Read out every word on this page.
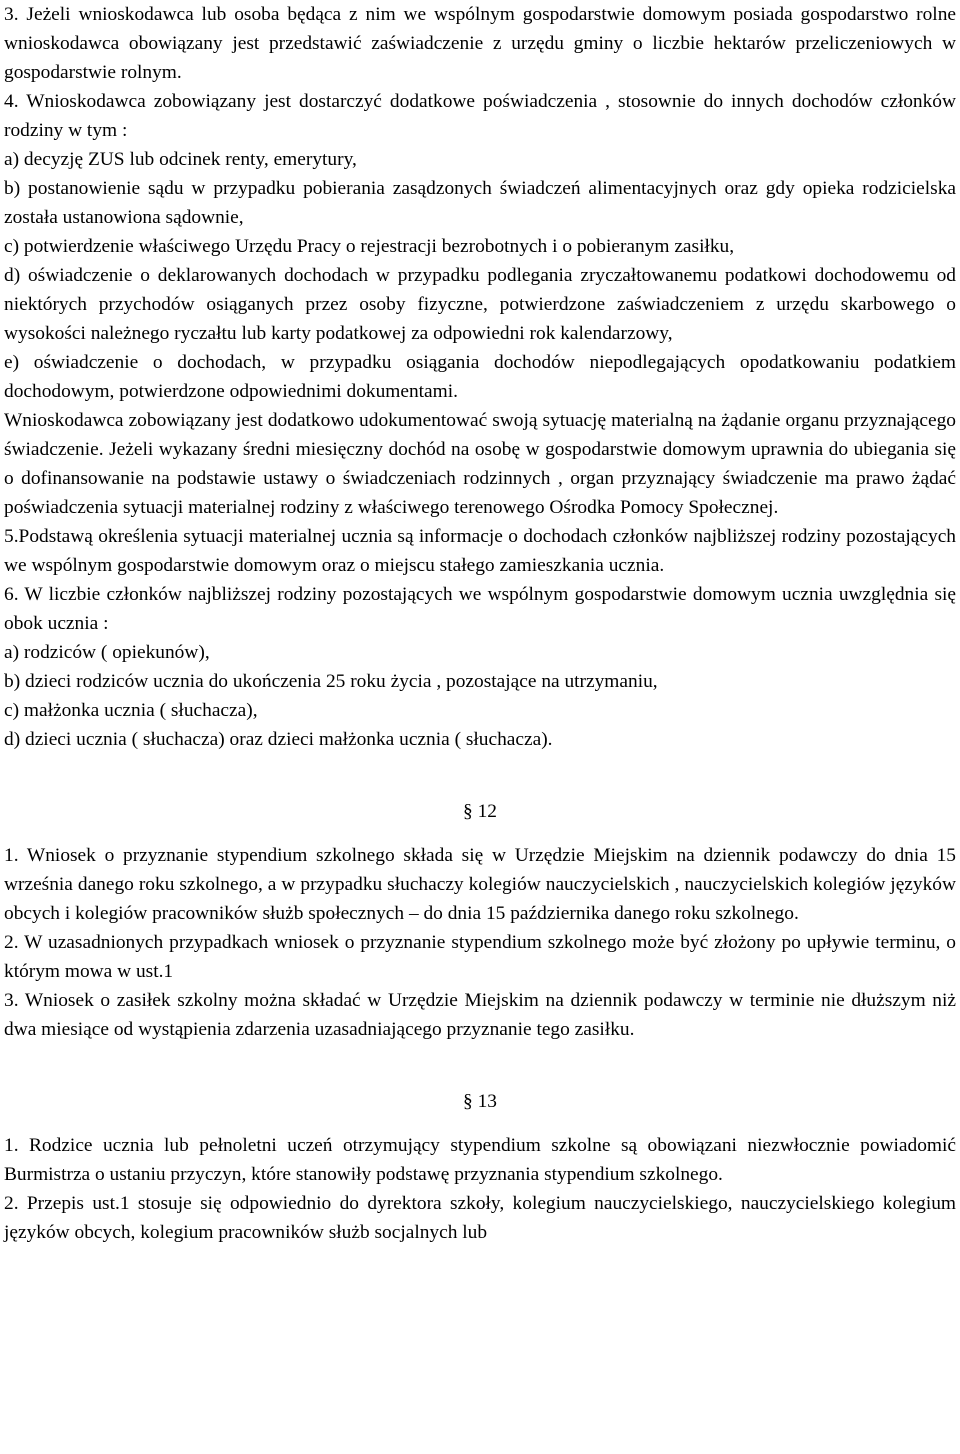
3. Jeżeli wnioskodawca lub osoba będąca z nim we wspólnym gospodarstwie domowym posiada gospodarstwo rolne wnioskodawca obowiązany jest przedstawić zaświadczenie z urzędu gminy o liczbie hektarów przeliczeniowych w gospodarstwie rolnym.

4. Wnioskodawca zobowiązany jest dostarczyć dodatkowe poświadczenia , stosownie do innych dochodów członków rodziny w tym :

a) decyzję ZUS lub odcinek renty, emerytury,

b) postanowienie sądu w przypadku pobierania zasądzonych świadczeń alimentacyjnych oraz gdy opieka rodzicielska została ustanowiona sądownie,

c) potwierdzenie właściwego Urzędu Pracy o rejestracji bezrobotnych i o pobieranym zasiłku,

d) oświadczenie o deklarowanych dochodach w przypadku podlegania zryczałtowanemu podatkowi dochodowemu od niektórych przychodów osiąganych przez osoby fizyczne, potwierdzone zaświadczeniem z urzędu skarbowego o wysokości należnego ryczałtu lub karty podatkowej za odpowiedni rok kalendarzowy,

e) oświadczenie o dochodach, w przypadku osiągania dochodów niepodlegających opodatkowaniu podatkiem dochodowym, potwierdzone odpowiednimi dokumentami.

Wnioskodawca zobowiązany jest dodatkowo udokumentować swoją sytuację materialną na żądanie organu przyznającego świadczenie. Jeżeli wykazany średni miesięczny dochód na osobę w gospodarstwie domowym uprawnia do ubiegania się o dofinansowanie na podstawie ustawy o świadczeniach rodzinnych , organ przyznający świadczenie ma prawo żądać poświadczenia sytuacji materialnej rodziny z właściwego terenowego Ośrodka Pomocy Społecznej.

5.Podstawą określenia sytuacji materialnej ucznia są informacje o dochodach członków najbliższej rodziny pozostających we wspólnym gospodarstwie domowym oraz o miejscu stałego zamieszkania ucznia.

6. W liczbie członków najbliższej rodziny pozostających we wspólnym gospodarstwie domowym ucznia uwzględnia się obok ucznia :

a) rodziców ( opiekunów),

b) dzieci rodziców ucznia do ukończenia 25 roku życia , pozostające na utrzymaniu,

c) małżonka ucznia ( słuchacza),

d) dzieci ucznia ( słuchacza) oraz dzieci małżonka ucznia ( słuchacza).

§ 12

1. Wniosek o przyznanie stypendium szkolnego składa się w Urzędzie Miejskim na dziennik podawczy do dnia 15 września danego roku szkolnego, a w przypadku słuchaczy kolegiów nauczycielskich , nauczycielskich kolegiów języków obcych i kolegiów pracowników służb społecznych – do dnia 15 października danego roku szkolnego.

2. W uzasadnionych przypadkach wniosek o przyznanie stypendium szkolnego może być złożony po upływie terminu, o którym mowa w ust.1

3. Wniosek o zasiłek szkolny można składać w Urzędzie Miejskim na dziennik podawczy w terminie nie dłuższym niż dwa miesiące od wystąpienia zdarzenia uzasadniającego przyznanie tego zasiłku.

§ 13

1. Rodzice ucznia lub pełnoletni uczeń otrzymujący stypendium szkolne są obowiązani niezwłocznie powiadomić Burmistrza o ustaniu przyczyn, które stanowiły podstawę przyznania stypendium szkolnego.

2. Przepis ust.1 stosuje się odpowiednio do dyrektora szkoły, kolegium nauczycielskiego, nauczycielskiego kolegium języków obcych, kolegium pracowników służb socjalnych lub
